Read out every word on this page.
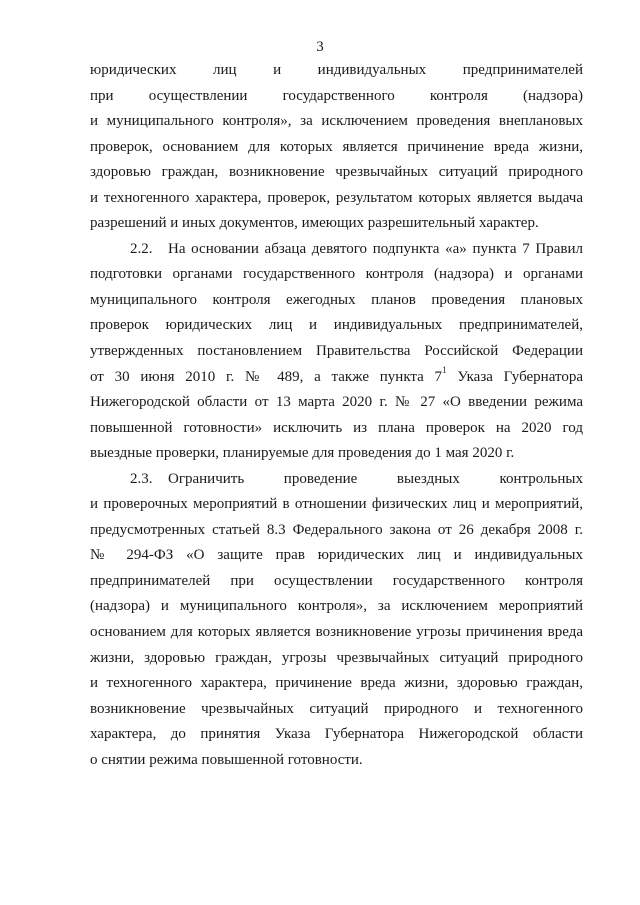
3
юридических лиц и индивидуальных предпринимателей
при осуществлении государственного контроля (надзора)
и муниципального контроля», за исключением проведения внеплановых
проверок, основанием для которых является причинение вреда жизни,
здоровью граждан, возникновение чрезвычайных ситуаций природного
и техногенного характера, проверок, результатом которых является выдача
разрешений и иных документов, имеющих разрешительный характер.
2.2. На основании абзаца девятого подпункта «а» пункта 7 Правил
подготовки органами государственного контроля (надзора) и органами
муниципального контроля ежегодных планов проведения плановых
проверок юридических лиц и индивидуальных предпринимателей,
утвержденных постановлением Правительства Российской Федерации
от 30 июня 2010 г. № 489, а также пункта $7^1$ Указа Губернатора
Нижегородской области от 13 марта 2020 г. № 27 «О введении режима
повышенной готовности» исключить из плана проверок на 2020 год
выездные проверки, планируемые для проведения до 1 мая 2020 г.
2.3. Ограничить проведение выездных контрольных
и проверочных мероприятий в отношении физических лиц и мероприятий,
предусмотренных статьей 8.3 Федерального закона от 26 декабря 2008 г.
№ 294-ФЗ «О защите прав юридических лиц и индивидуальных
предпринимателей при осуществлении государственного контроля
(надзора) и муниципального контроля», за исключением мероприятий
основанием для которых является возникновение угрозы причинения вреда
жизни, здоровью граждан, угрозы чрезвычайных ситуаций природного
и техногенного характера, причинение вреда жизни, здоровью граждан,
возникновение чрезвычайных ситуаций природного и техногенного
характера, до принятия Указа Губернатора Нижегородской области
о снятии режима повышенной готовности.
